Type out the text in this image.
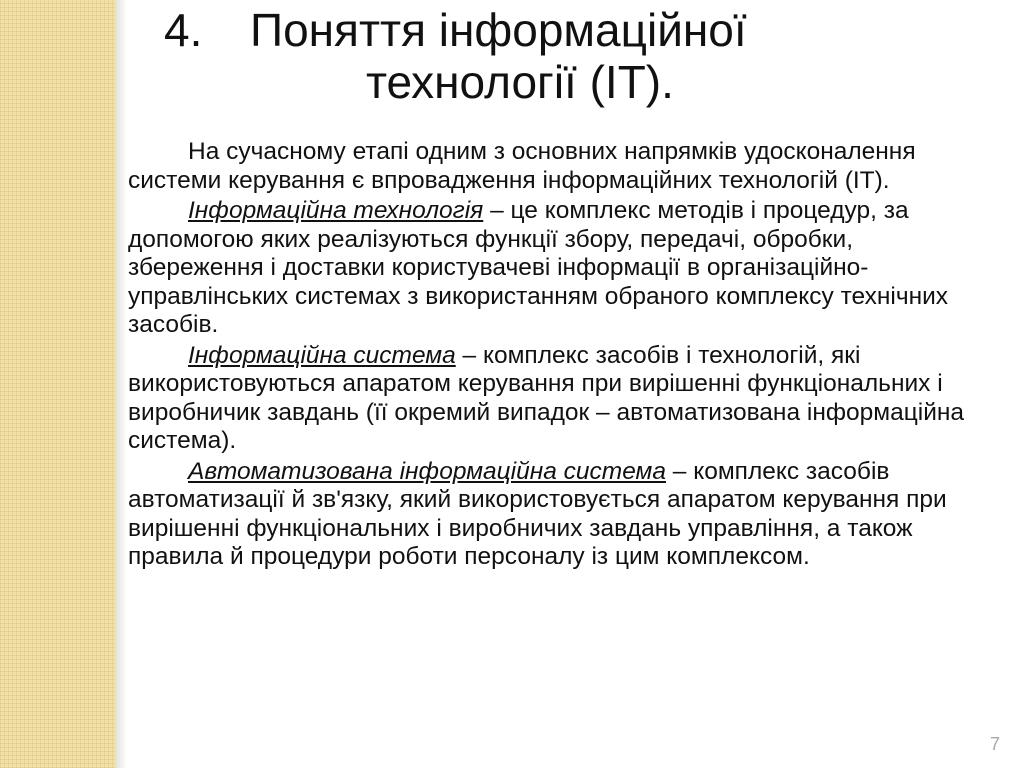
4. Поняття інформаційної
технології (ІТ).

На сучасному етапі одним з основних напрямків удосконалення системи керування є впровадження інформаційних технологій (ІТ).

Інформаційна технологія – це комплекс методів і процедур, за допомогою яких реалізуються функції збору, передачі, обробки, збереження і доставки користувачеві інформації в організаційно-управлінських системах з використанням обраного комплексу технічних засобів.

Інформаційна система – комплекс засобів і технологій, які використовуються апаратом керування при вирішенні функціональних і виробничик завдань (її окремий випадок – автоматизована інформаційна система).

Автоматизована інформаційна система – комплекс засобів автоматизації й зв'язку, який використовується апаратом керування при вирішенні функціональних і виробничих завдань управління, а також правила й процедури роботи персоналу із цим комплексом.

7
